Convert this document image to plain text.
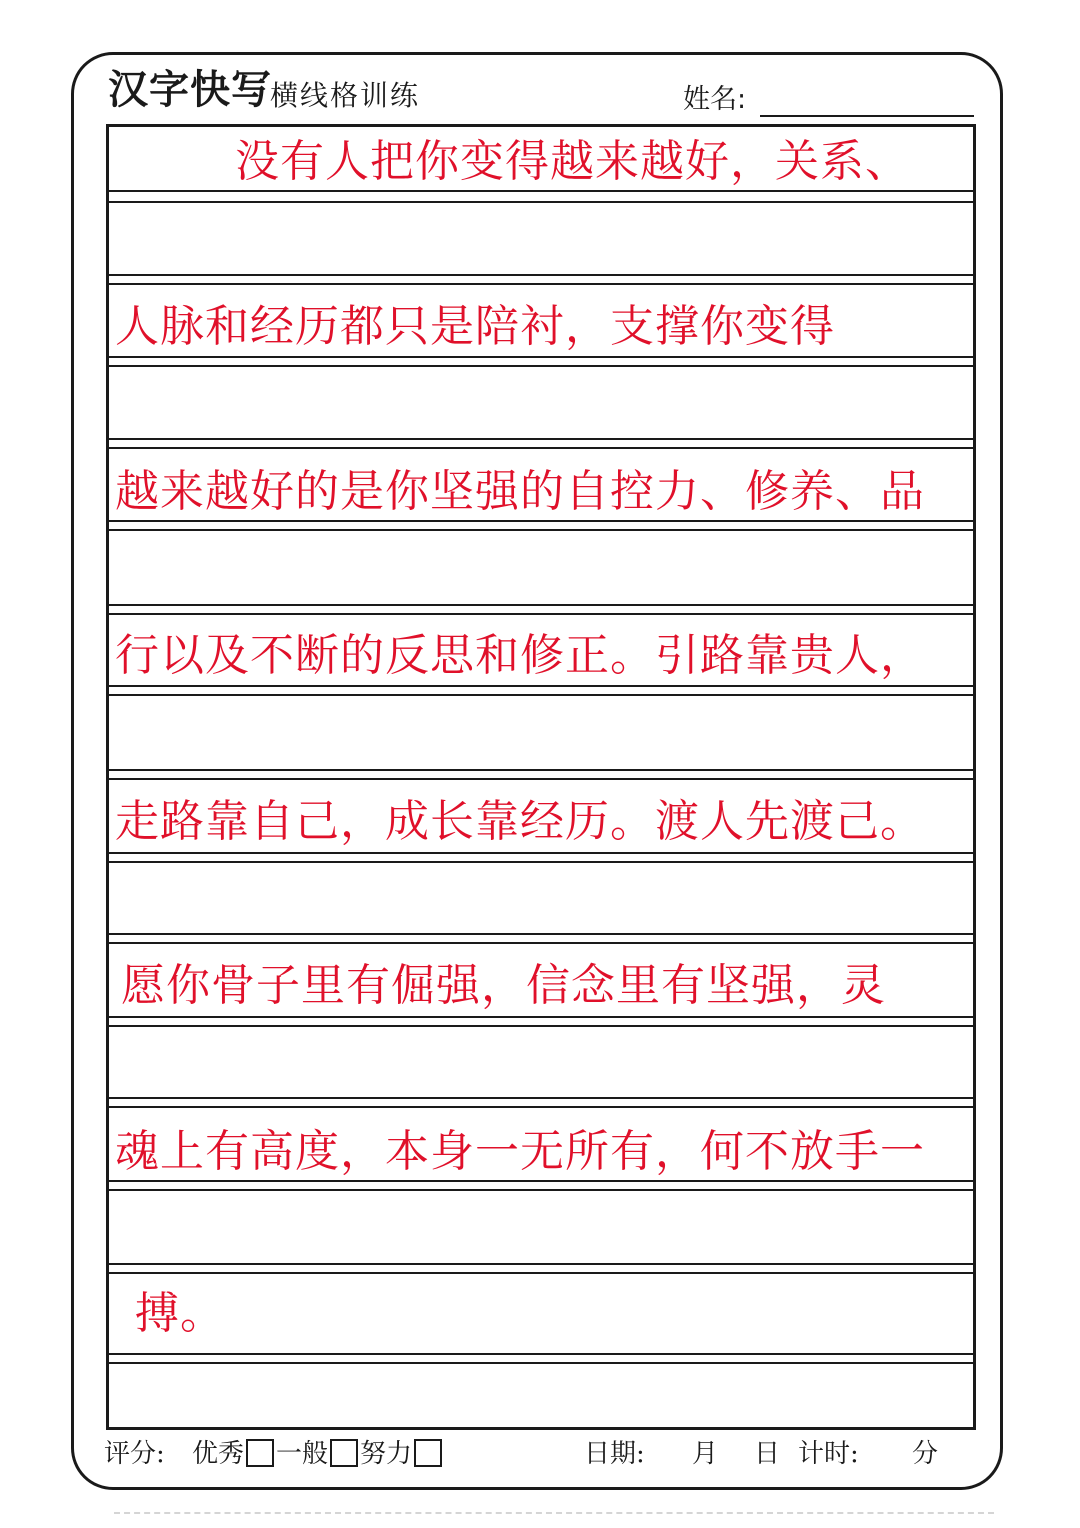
汉字快写
横线格训练	姓名:
没有人把你变得越来越好，关系、
人脉和经历都只是陪衬，支撑你变得
越来越好的是你坚强的自控力、修养、品
行以及不断的反思和修正。引路靠贵人，
走路靠自己，成长靠经历。渡人先渡己。
愿你骨子里有倔强，信念里有坚强，灵
魂上有高度，本身一无所有，何不放手一
搏。
评分: 优秀 一般 努力	日期: 月 日 计时: 分
